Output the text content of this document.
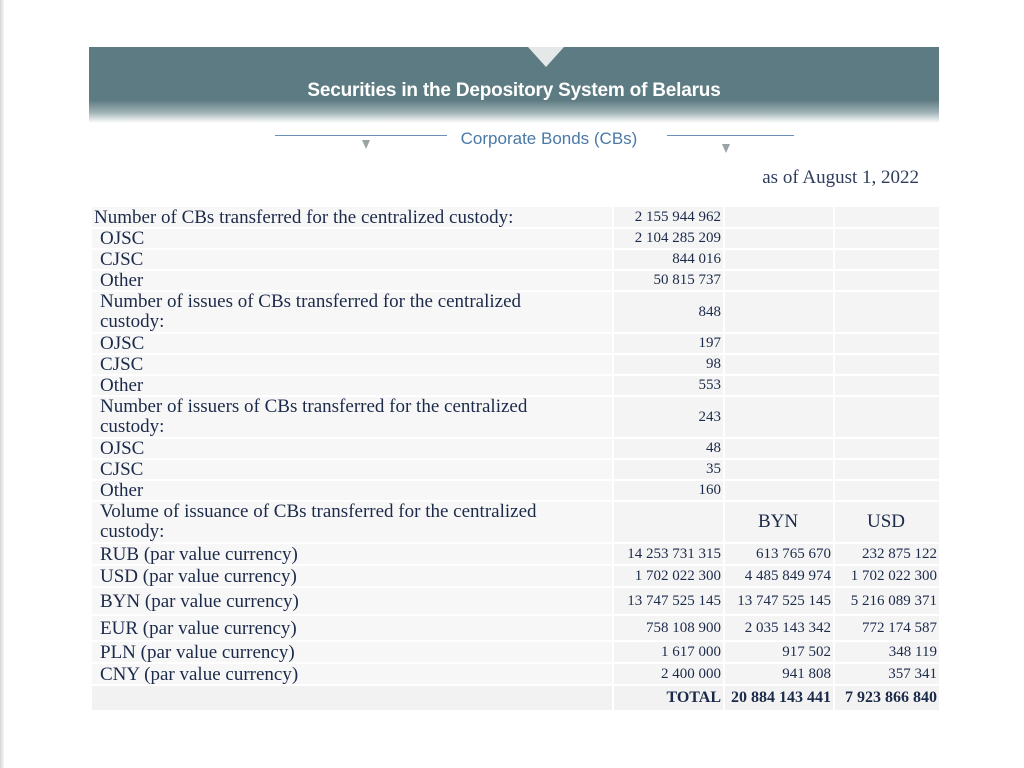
Securities in the Depository System of Belarus
Corporate Bonds (CBs)
as of August 1, 2022
Number of CBs transferred for the centralized custody:	2 155 944 962		
OJSC	2 104 285 209		
CJSC	844 016		
Other	50 815 737		
Number of issues of CBs transferred for the centralized custody:	848		
OJSC	197		
CJSC	98		
Other	553		
Number of issuers of CBs transferred for the centralized custody:	243		
OJSC	48		
CJSC	35		
Other	160		
Volume of issuance of CBs transferred for the centralized custody:		BYN	USD
RUB (par value currency)	14 253 731 315	613 765 670	232 875 122
USD (par value currency)	1 702 022 300	4 485 849 974	1 702 022 300
BYN (par value currency)	13 747 525 145	13 747 525 145	5 216 089 371
EUR (par value currency)	758 108 900	2 035 143 342	772 174 587
PLN (par value currency)	1 617 000	917 502	348 119
CNY (par value currency)	2 400 000	941 808	357 341
	TOTAL	20 884 143 441	7 923 866 840
